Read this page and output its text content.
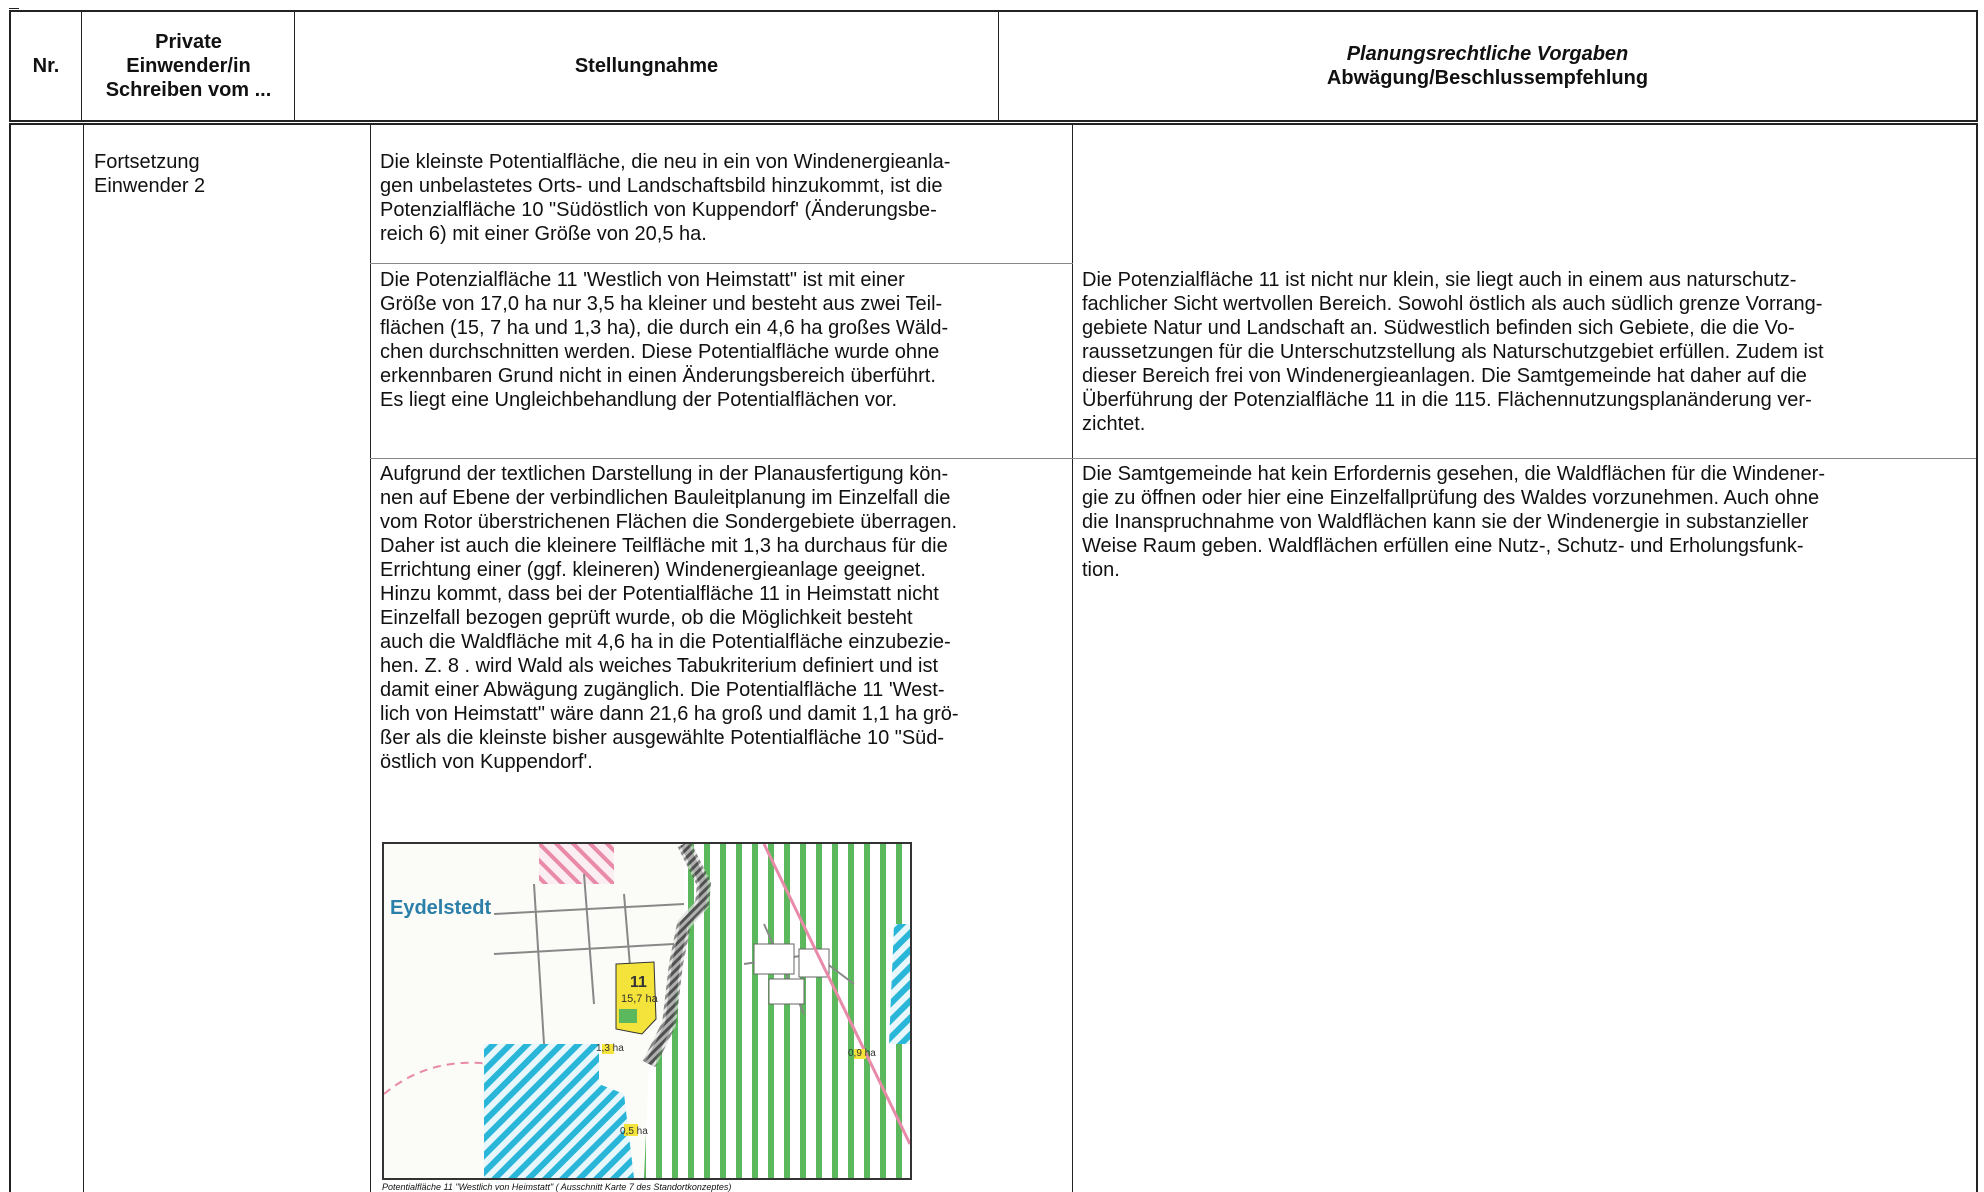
Nr.
Private
Einwender/in
Schreiben vom ...
Stellungnahme
Planungsrechtliche Vorgaben
Abwägung/Beschlussempfehlung

Fortsetzung

Einwender 2

Die kleinste Potentialfläche, die neu in ein von Windenergieanla-

gen unbelastetes Orts- und Landschaftsbild hinzukommt, ist die

Potenzialfläche 10 "Südöstlich von Kuppendorf' (Änderungsbe-

reich 6) mit einer Größe von 20,5 ha.

Die Potenzialfläche 11 'Westlich von Heimstatt" ist mit einer

Größe von 17,0 ha nur 3,5 ha kleiner und besteht aus zwei Teil-

flächen (15, 7 ha und 1,3 ha), die durch ein 4,6 ha großes Wäld-

chen durchschnitten werden. Diese Potentialfläche wurde ohne

erkennbaren Grund nicht in einen Änderungsbereich überführt.

Es liegt eine Ungleichbehandlung der Potentialflächen vor.

Aufgrund der textlichen Darstellung in der Planausfertigung kön-

nen auf Ebene der verbindlichen Bauleitplanung im Einzelfall die

vom Rotor überstrichenen Flächen die Sondergebiete überragen.

Daher ist auch die kleinere Teilfläche mit 1,3 ha durchaus für die

Errichtung einer (ggf. kleineren) Windenergieanlage geeignet.

Hinzu kommt, dass bei der Potentialfläche 11 in Heimstatt nicht

Einzelfall bezogen geprüft wurde, ob die Möglichkeit besteht

auch die Waldfläche mit 4,6 ha in die Potentialfläche einzubezie-

hen. Z. 8 . wird Wald als weiches Tabukriterium definiert und ist

damit einer Abwägung zugänglich. Die Potentialfläche 11 'West-

lich von Heimstatt" wäre dann 21,6 ha groß und damit 1,1 ha grö-

ßer als die kleinste bisher ausgewählte Potentialfläche 10 "Süd-

östlich von Kuppendorf'.

Die Potenzialfläche 11 ist nicht nur klein, sie liegt auch in einem aus naturschutz-

fachlicher Sicht wertvollen Bereich. Sowohl östlich als auch südlich grenze Vorrang-

gebiete Natur und Landschaft an. Südwestlich befinden sich Gebiete, die die Vo-

raussetzungen für die Unterschutzstellung als Naturschutzgebiet erfüllen. Zudem ist

dieser Bereich frei von Windenergieanlagen. Die Samtgemeinde hat daher auf die

Überführung der Potenzialfläche 11 in die 115. Flächennutzungsplanänderung ver-

zichtet.

Die Samtgemeinde hat kein Erfordernis gesehen, die Waldflächen für die Windener-

gie zu öffnen oder hier eine Einzelfallprüfung des Waldes vorzunehmen. Auch ohne

die Inanspruchnahme von Waldflächen kann sie der Windenergie in substanzieller

Weise Raum geben. Waldflächen erfüllen eine Nutz-, Schutz- und Erholungsfunk-

tion.

Eydelstedt
11
15,7 ha
1,3 ha	0,9 ha
0,5 ha
Potentialfläche 11 "Westlich von Heimstatt" ( Ausschnitt Karte 7 des Standortkonzeptes)
